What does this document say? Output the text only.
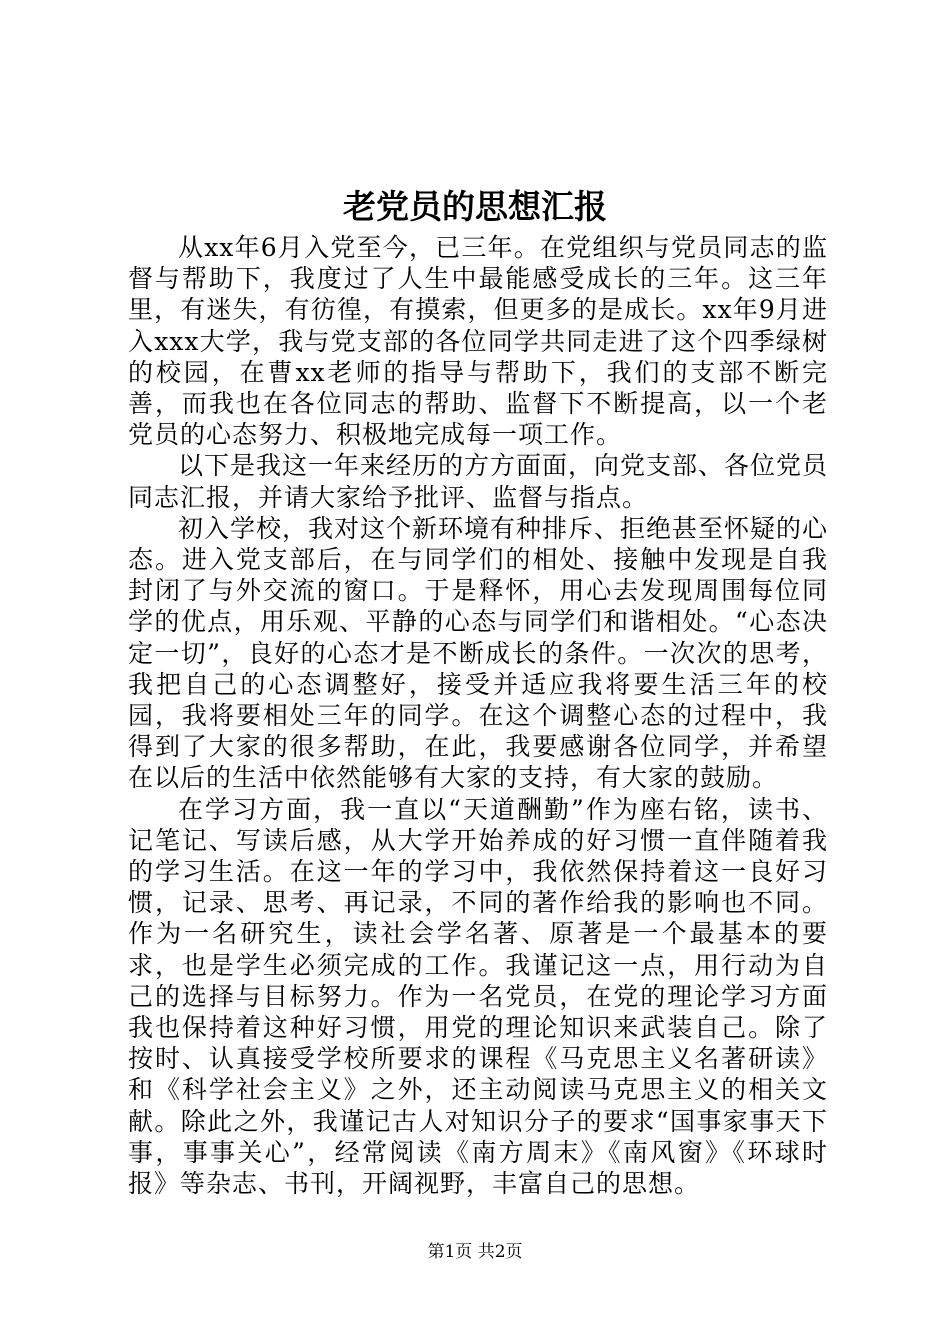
老党员的思想汇报

从xx年6月入党至今，已三年。在党组织与党员同志的监督与帮助下，我度过了人生中最能感受成长的三年。这三年里，有迷失，有彷徨，有摸索，但更多的是成长。xx年9月进入xxx大学，我与党支部的各位同学共同走进了这个四季绿树的校园，在曹xx老师的指导与帮助下，我们的支部不断完善，而我也在各位同志的帮助、监督下不断提高，以一个老党员的心态努力、积极地完成每一项工作。

以下是我这一年来经历的方方面面，向党支部、各位党员同志汇报，并请大家给予批评、监督与指点。

初入学校，我对这个新环境有种排斥、拒绝甚至怀疑的心态。进入党支部后，在与同学们的相处、接触中发现是自我封闭了与外交流的窗口。于是释怀，用心去发现周围每位同学的优点，用乐观、平静的心态与同学们和谐相处。“心态决定一切”，良好的心态才是不断成长的条件。一次次的思考，我把自己的心态调整好，接受并适应我将要生活三年的校园，我将要相处三年的同学。在这个调整心态的过程中，我得到了大家的很多帮助，在此，我要感谢各位同学，并希望在以后的生活中依然能够有大家的支持，有大家的鼓励。

在学习方面，我一直以“天道酬勤”作为座右铭，读书、记笔记、写读后感，从大学开始养成的好习惯一直伴随着我的学习生活。在这一年的学习中，我依然保持着这一良好习惯，记录、思考、再记录，不同的著作给我的影响也不同。作为一名研究生，读社会学名著、原著是一个最基本的要求，也是学生必须完成的工作。我谨记这一点，用行动为自己的选择与目标努力。作为一名党员，在党的理论学习方面我也保持着这种好习惯，用党的理论知识来武装自己。除了按时、认真接受学校所要求的课程《马克思主义名著研读》和《科学社会主义》之外，还主动阅读马克思主义的相关文献。除此之外，我谨记古人对知识分子的要求“国事家事天下事，事事关心”，经常阅读《南方周末》《南风窗》《环球时报》等杂志、书刊，开阔视野，丰富自己的思想。

第1页 共2页
